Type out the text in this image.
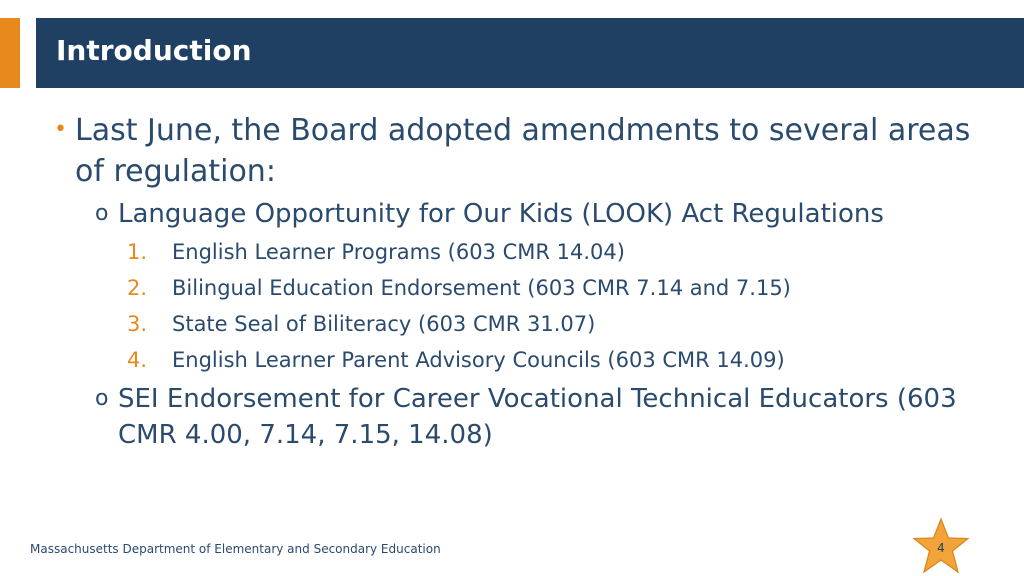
Introduction
• Last June, the Board adopted amendments to several areas of regulation:
o Language Opportunity for Our Kids (LOOK) Act Regulations
1. English Learner Programs (603 CMR 14.04)
2. Bilingual Education Endorsement (603 CMR 7.14 and 7.15)
3. State Seal of Biliteracy (603 CMR 31.07)
4. English Learner Parent Advisory Councils (603 CMR 14.09)
o SEI Endorsement for Career Vocational Technical Educators (603 CMR 4.00, 7.14, 7.15, 14.08)
Massachusetts Department of Elementary and Secondary Education	4
